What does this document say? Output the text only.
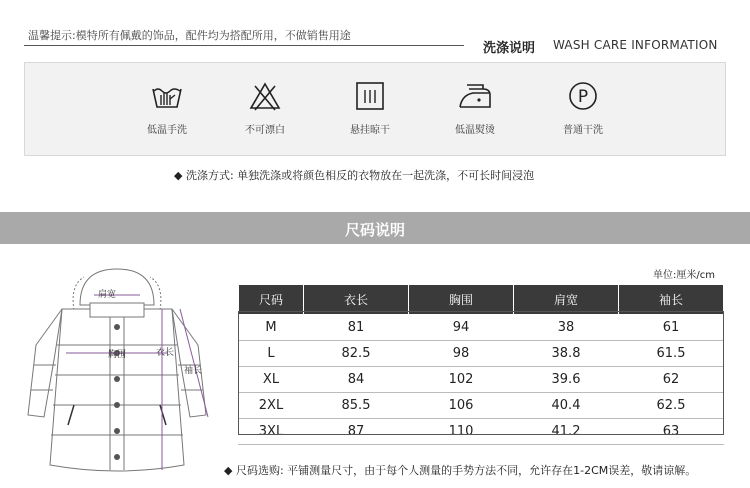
温馨提示:模特所有佩戴的饰品，配件均为搭配所用，不做销售用途
洗涤说明 WASH CARE INFORMATION
低温手洗	不可漂白	悬挂晾干	低温熨烫
P
普通干洗
◆ 洗涤方式: 单独洗涤或将颜色相反的衣物放在一起洗涤，不可长时间浸泡
尺码说明
肩宽
胸围	衣长
袖长
单位:厘米/cm
尺码	衣长	胸围	肩宽	袖长
M	81	94	38	61
L	82.5	98	38.8	61.5
XL	84	102	39.6	62
2XL	85.5	106	40.4	62.5
3XL	87	110	41.2	63
◆ 尺码选购: 平铺测量尺寸，由于每个人测量的手势方法不同，允许存在1-2CM误差，敬请谅解。
